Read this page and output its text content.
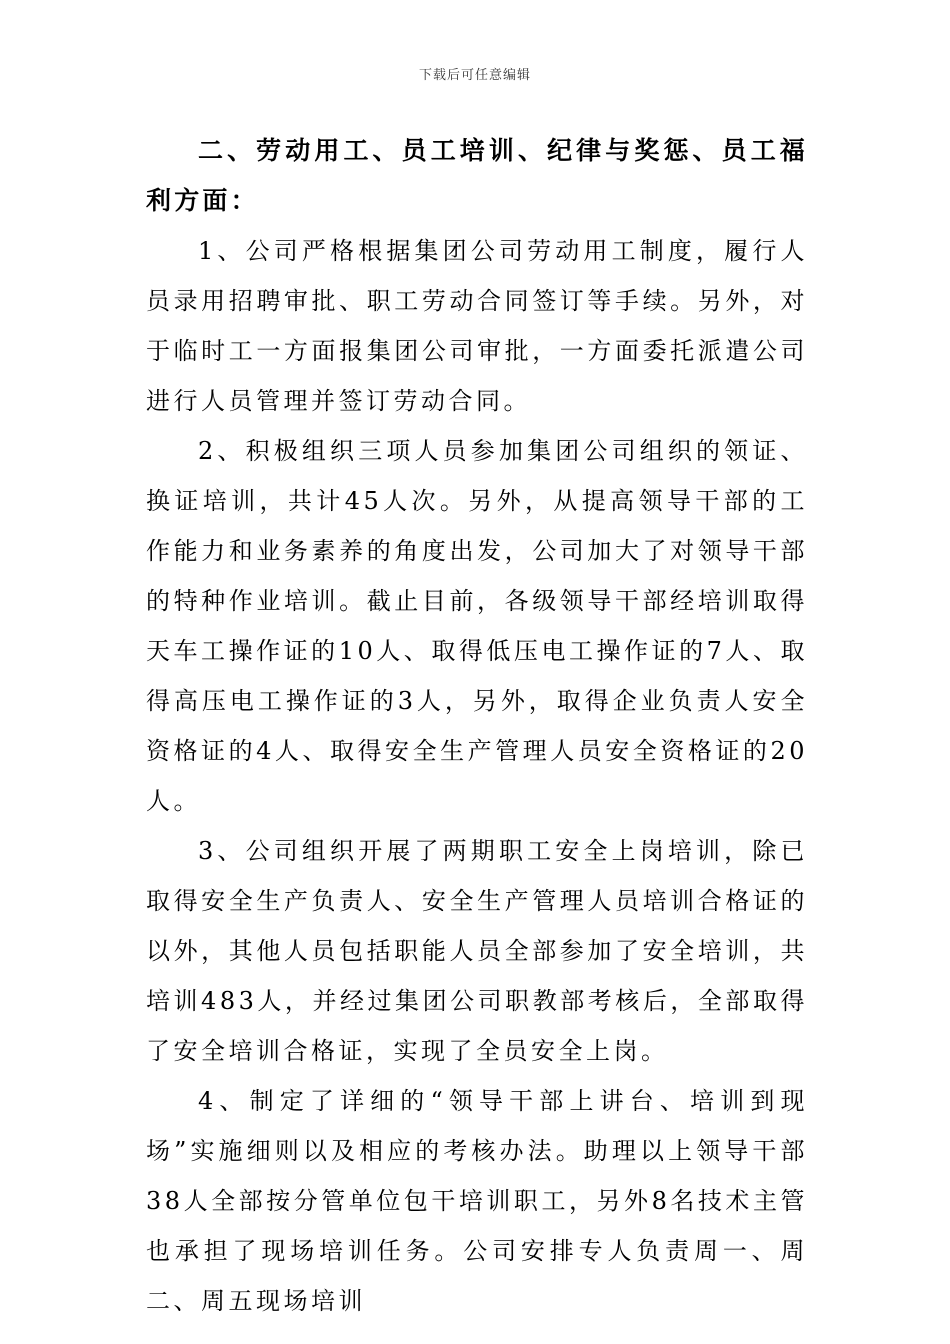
下载后可任意编辑

二、劳动用工、员工培训、纪律与奖惩、员工福利方面：

1、公司严格根据集团公司劳动用工制度，履行人员录用招聘审批、职工劳动合同签订等手续。另外，对于临时工一方面报集团公司审批，一方面委托派遣公司进行人员管理并签订劳动合同。

2、积极组织三项人员参加集团公司组织的领证、换证培训，共计45人次。另外，从提高领导干部的工作能力和业务素养的角度出发，公司加大了对领导干部的特种作业培训。截止目前，各级领导干部经培训取得天车工操作证的10人、取得低压电工操作证的7人、取得高压电工操作证的3人，另外，取得企业负责人安全资格证的4人、取得安全生产管理人员安全资格证的20人。

3、公司组织开展了两期职工安全上岗培训，除已取得安全生产负责人、安全生产管理人员培训合格证的以外，其他人员包括职能人员全部参加了安全培训，共培训483人，并经过集团公司职教部考核后，全部取得了安全培训合格证，实现了全员安全上岗。

4、制定了详细的“领导干部上讲台、培训到现场”实施细则以及相应的考核办法。助理以上领导干部38人全部按分管单位包干培训职工，另外8名技术主管也承担了现场培训任务。公司安排专人负责周一、周二、周五现场培训
